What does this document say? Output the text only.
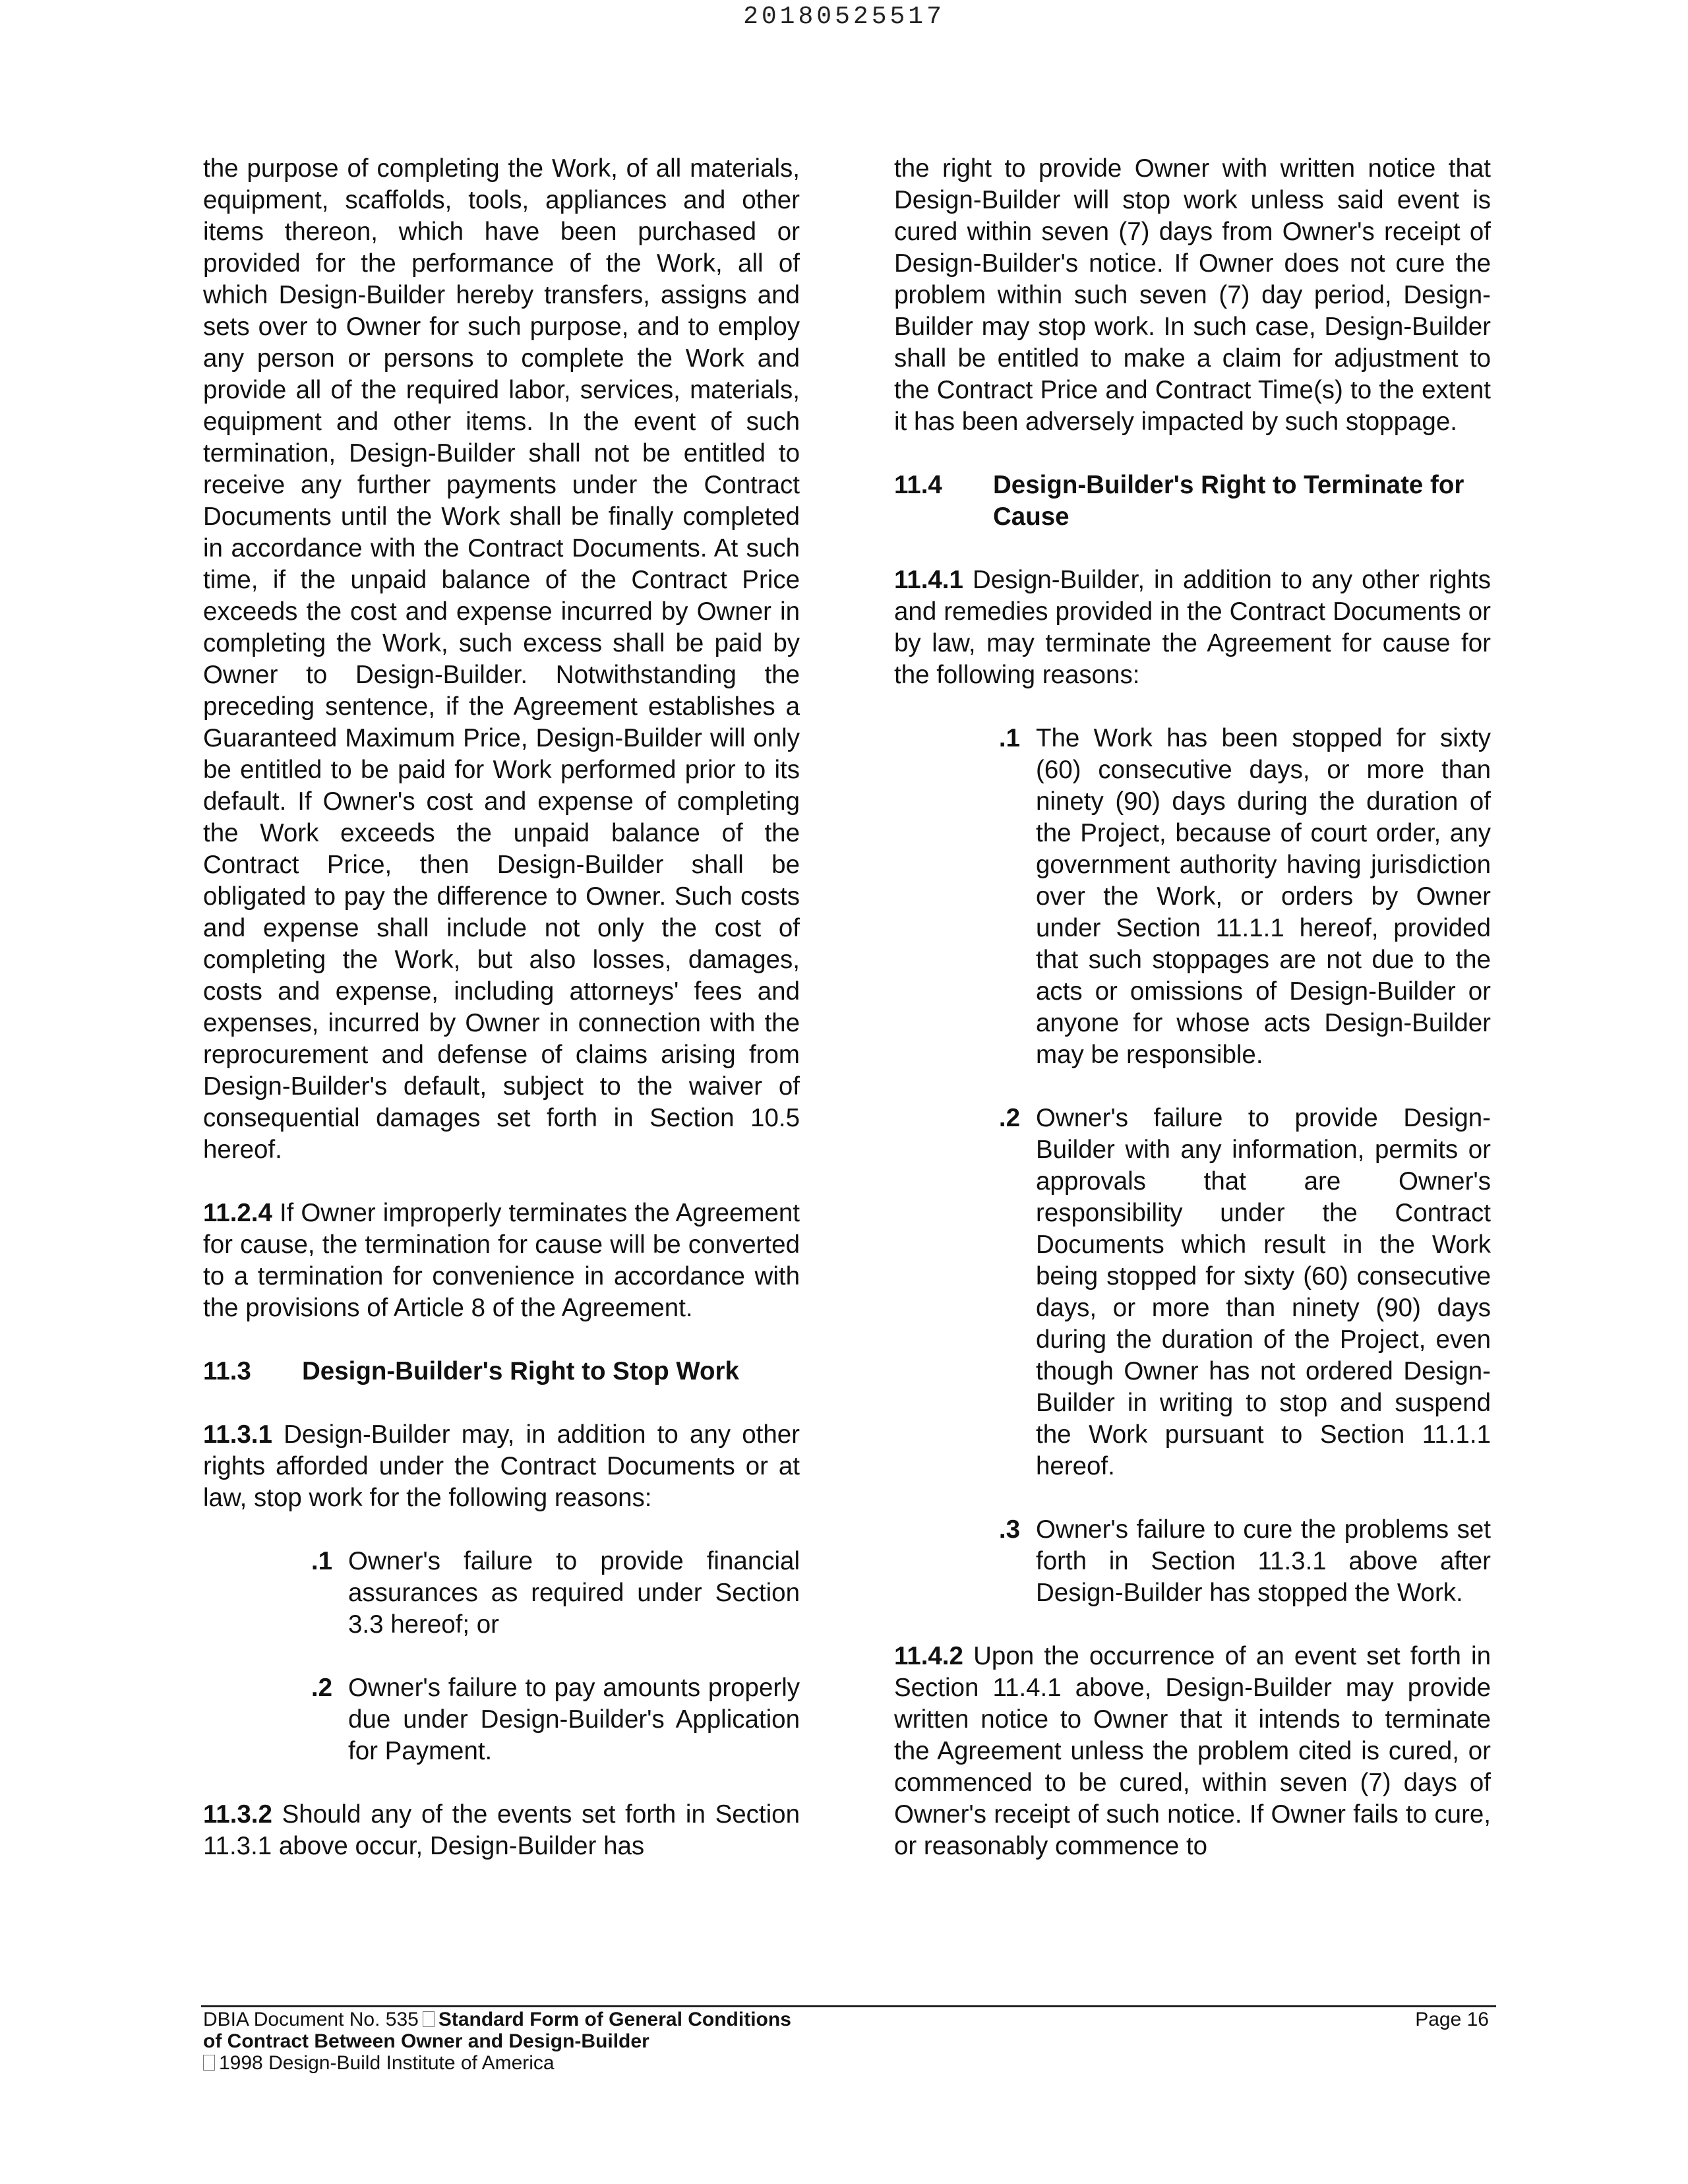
20180525517

the purpose of completing the Work, of all materials, equipment, scaffolds, tools, appliances and other items thereon, which have been purchased or provided for the performance of the Work, all of which Design-Builder hereby transfers, assigns and sets over to Owner for such purpose, and to employ any person or persons to complete the Work and provide all of the required labor, services, materials, equipment and other items. In the event of such termination, Design-Builder shall not be entitled to receive any further payments under the Contract Documents until the Work shall be finally completed in accordance with the Contract Documents. At such time, if the unpaid balance of the Contract Price exceeds the cost and expense incurred by Owner in completing the Work, such excess shall be paid by Owner to Design-Builder. Notwithstanding the preceding sentence, if the Agreement establishes a Guaranteed Maximum Price, Design-Builder will only be entitled to be paid for Work performed prior to its default. If Owner's cost and expense of completing the Work exceeds the unpaid balance of the Contract Price, then Design-Builder shall be obligated to pay the difference to Owner. Such costs and expense shall include not only the cost of completing the Work, but also losses, damages, costs and expense, including attorneys' fees and expenses, incurred by Owner in connection with the reprocurement and defense of claims arising from Design-Builder's default, subject to the waiver of consequential damages set forth in Section 10.5 hereof.

11.2.4 If Owner improperly terminates the Agreement for cause, the termination for cause will be converted to a termination for convenience in accordance with the provisions of Article 8 of the Agreement.

11.3	Design-Builder's Right to Stop Work

11.3.1 Design-Builder may, in addition to any other rights afforded under the Contract Documents or at law, stop work for the following reasons:

.1 Owner's failure to provide financial assurances as required under Section 3.3 hereof; or
.2 Owner's failure to pay amounts properly due under Design-Builder's Application for Payment.

11.3.2 Should any of the events set forth in Section 11.3.1 above occur, Design-Builder has

the right to provide Owner with written notice that Design-Builder will stop work unless said event is cured within seven (7) days from Owner's receipt of Design-Builder's notice. If Owner does not cure the problem within such seven (7) day period, Design-Builder may stop work. In such case, Design-Builder shall be entitled to make a claim for adjustment to the Contract Price and Contract Time(s) to the extent it has been adversely impacted by such stoppage.

11.4	Design-Builder's Right to Terminate for Cause

11.4.1 Design-Builder, in addition to any other rights and remedies provided in the Contract Documents or by law, may terminate the Agreement for cause for the following reasons:

.1 The Work has been stopped for sixty (60) consecutive days, or more than ninety (90) days during the duration of the Project, because of court order, any government authority having jurisdiction over the Work, or orders by Owner under Section 11.1.1 hereof, provided that such stoppages are not due to the acts or omissions of Design-Builder or anyone for whose acts Design-Builder may be responsible.
.2 Owner's failure to provide Design-Builder with any information, permits or approvals that are Owner's responsibility under the Contract Documents which result in the Work being stopped for sixty (60) consecutive days, or more than ninety (90) days during the duration of the Project, even though Owner has not ordered Design-Builder in writing to stop and suspend the Work pursuant to Section 11.1.1 hereof.
.3 Owner's failure to cure the problems set forth in Section 11.3.1 above after Design-Builder has stopped the Work.

11.4.2 Upon the occurrence of an event set forth in Section 11.4.1 above, Design-Builder may provide written notice to Owner that it intends to terminate the Agreement unless the problem cited is cured, or commenced to be cured, within seven (7) days of Owner's receipt of such notice. If Owner fails to cure, or reasonably commence to

DBIA Document No. 535 Standard Form of General Conditions
of Contract Between Owner and Design-Builder
1998 Design-Build Institute of America
Page 16
